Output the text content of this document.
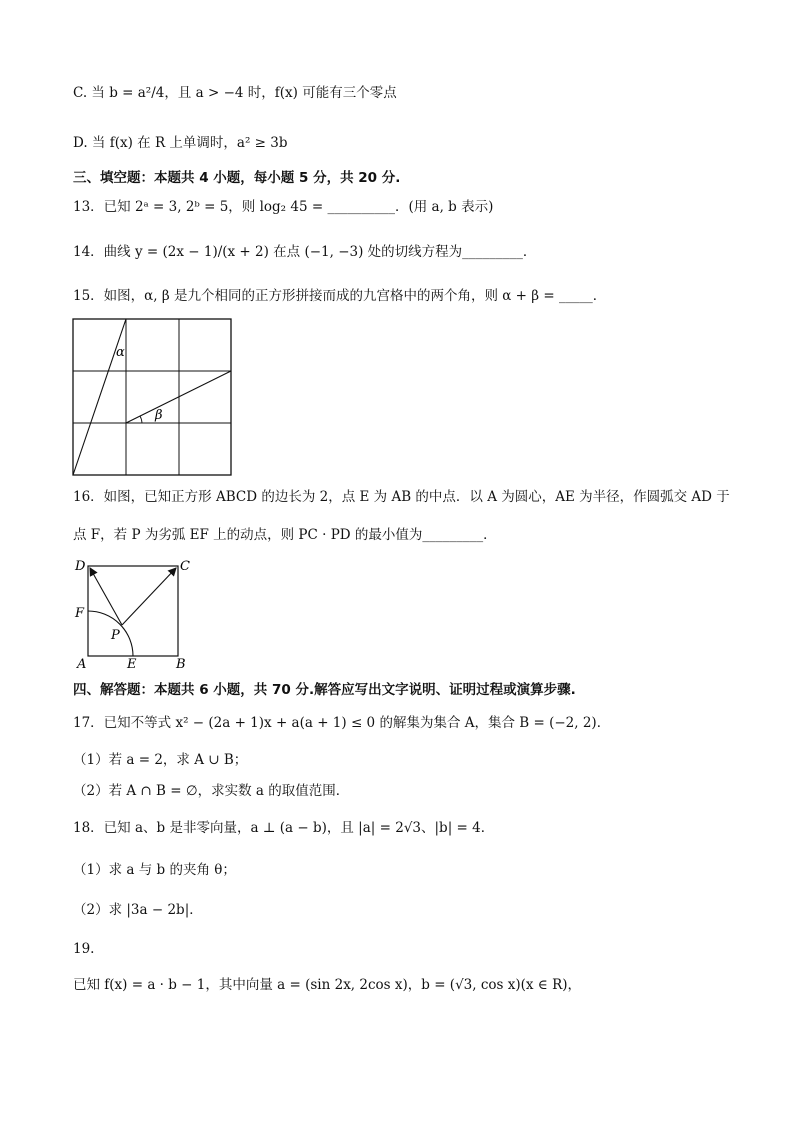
C. 当 b = a²/4，且 a > −4 时，f(x) 可能有三个零点
D. 当 f(x) 在 R 上单调时，a² ≥ 3b
三、填空题：本题共 4 小题，每小题 5 分，共 20 分.
13．已知 2ᵃ = 3, 2ᵇ = 5，则 log₂ 45 = __________．(用 a, b 表示)
14．曲线 y = (2x − 1)/(x + 2) 在点 (−1, −3) 处的切线方程为_________．
15．如图，α, β 是九个相同的正方形拼接而成的九宫格中的两个角，则 α + β = _____．
α
β
16．如图，已知正方形 ABCD 的边长为 2，点 E 为 AB 的中点．以 A 为圆心，AE 为半径，作圆弧交 AD 于
点 F，若 P 为劣弧 EF 上的动点，则 PC · PD 的最小值为_________．
D	C
F
P
A	E	B
四、解答题：本题共 6 小题，共 70 分.解答应写出文字说明、证明过程或演算步骤.
17．已知不等式 x² − (2a + 1)x + a(a + 1) ≤ 0 的解集为集合 A，集合 B = (−2, 2)．
（1）若 a = 2，求 A ∪ B；
（2）若 A ∩ B = ∅，求实数 a 的取值范围．
18．已知 a、b 是非零向量，a ⊥ (a − b)，且 |a| = 2√3、|b| = 4．
（1）求 a 与 b 的夹角 θ；
（2）求 |3a − 2b|．
19.
已知 f(x) = a · b − 1，其中向量 a = (sin 2x, 2cos x)，b = (√3, cos x)(x ∈ R)，
